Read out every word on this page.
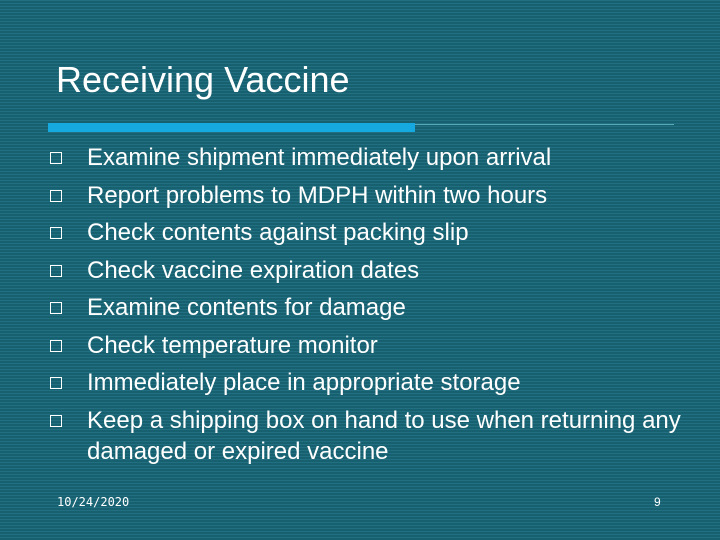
Receiving Vaccine
Examine shipment immediately upon arrival
Report problems to MDPH within two hours
Check contents against packing slip
Check vaccine expiration dates
Examine contents for damage
Check temperature monitor
Immediately place in appropriate storage
Keep a shipping box on hand to use when returning any damaged or expired vaccine
10/24/2020	9
